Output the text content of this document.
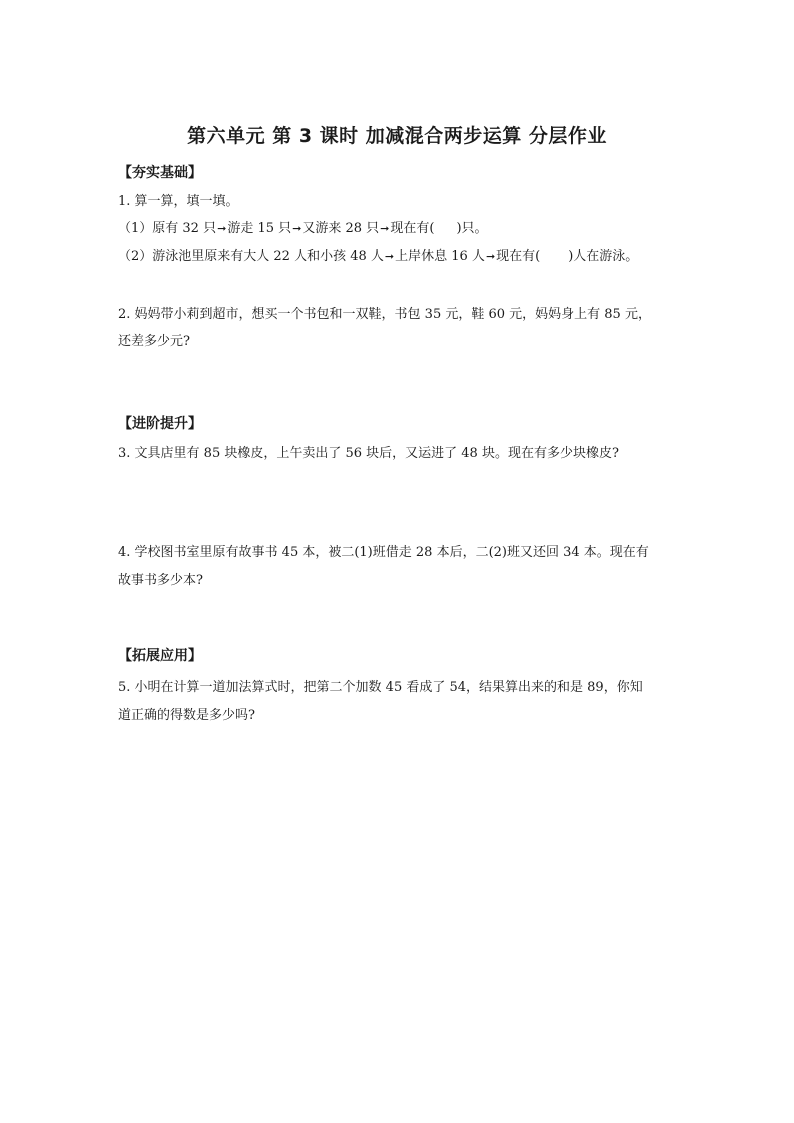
第六单元 第 3 课时 加减混合两步运算 分层作业
【夯实基础】
1. 算一算，填一填。
（1）原有 32 只➞游走 15 只➞又游来 28 只➞现在有( )只。
（2）游泳池里原来有大人 22 人和小孩 48 人➞上岸休息 16 人➞现在有( )人在游泳。
2. 妈妈带小莉到超市，想买一个书包和一双鞋，书包 35 元，鞋 60 元，妈妈身上有 85 元，
还差多少元?
【进阶提升】
3. 文具店里有 85 块橡皮，上午卖出了 56 块后，又运进了 48 块。现在有多少块橡皮?
4. 学校图书室里原有故事书 45 本，被二(1)班借走 28 本后，二(2)班又还回 34 本。现在有
故事书多少本?
【拓展应用】
5. 小明在计算一道加法算式时，把第二个加数 45 看成了 54，结果算出来的和是 89，你知
道正确的得数是多少吗?
